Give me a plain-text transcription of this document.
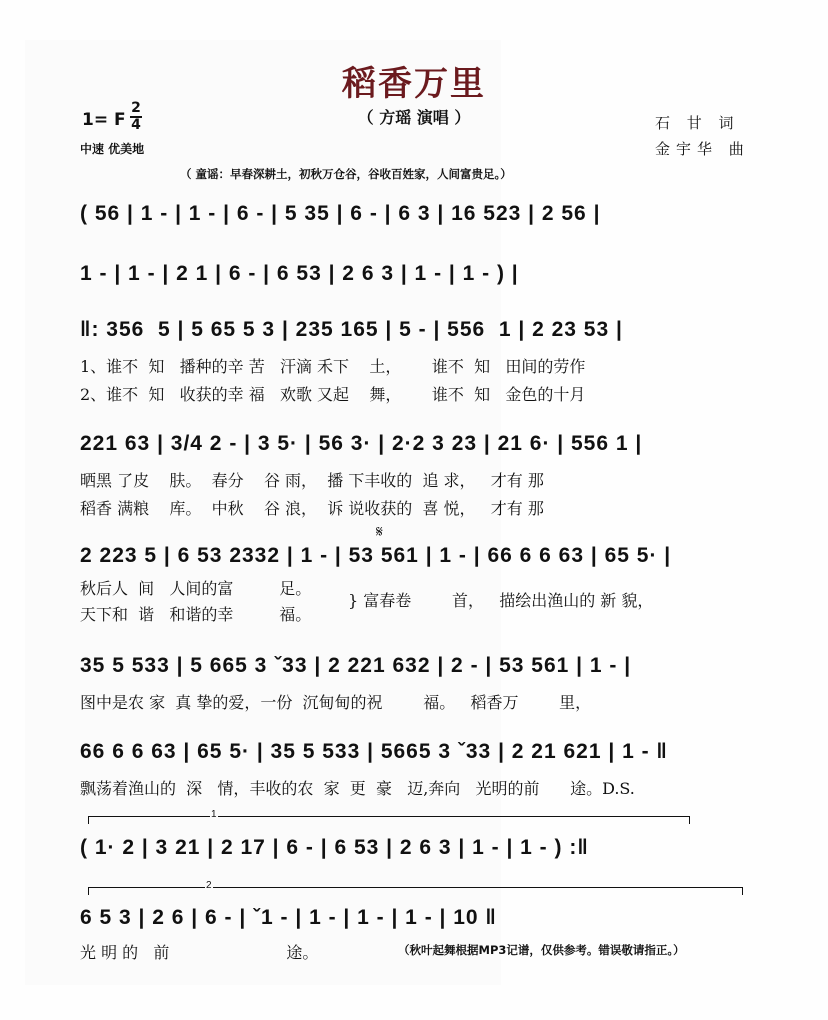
稻香万里
（ 方瑶 演唱 ）
1= F
2
4
中速 优美地
石 甘 词
金宇华 曲
（ 童谣：早春深耕土，初秋万仓谷，谷收百姓家，人间富贵足。）
( 56 | 1 - | 1 - | 6 - | 5 35 | 6 - | 6 3 | 16 523 | 2 56 |
1 - | 1 - | 2 1 | 6 - | 6 53 | 2 6 3 | 1 - | 1 - ) |
‖: 356  5 | 5 65 5 3 | 235 165 | 5 - | 556  1 | 2 23 53 |
1、谁不  知   播种的辛 苦   汗滴 禾下    土，      谁不  知   田间的劳作
2、谁不  知   收获的幸 福   欢歌 又起    舞，      谁不  知   金色的十月
221 63 | 3/4 2 - | 3 5· | 56 3· | 2·2 3 23 | 21 6· | 556 1 |
晒黑 了皮    肤。  春分    谷 雨，  播 下丰收的  追 求，   才有 那
稻香 满粮    库。  中秋    谷 浪，  诉 说收获的  喜 悦，   才有 那
2 223 5 | 6 53 2332 | 1 - | 53 561 | 1 - | 66 6 6 63 | 65 5· |
𝄋
秋后人  间   人间的富         足。
天下和  谐   和谐的幸         福。
} 富春卷        首，   描绘出渔山的 新 貌，
35 5 533 | 5 665 3 ˇ33 | 2 221 632 | 2 - | 53 561 | 1 - |
图中是农 家  真 挚的爱，一份  沉甸甸的祝        福。   稻香万        里，
66 6 6 63 | 65 5· | 35 5 533 | 5665 3 ˇ33 | 2 21 621 | 1 - ‖
飘荡着渔山的  深   情，丰收的农  家  更  豪   迈,奔向   光明的前      途。D.S.
1
( 1· 2 | 3 21 | 2 17 | 6 - | 6 53 | 2 6 3 | 1 - | 1 - ) :‖
2
6 5 3 | 2 6 | 6 - | ˇ1 - | 1 - | 1 - | 1 - | 10 ‖
光 明 的   前                       途。	（秋叶起舞根据MP3记谱，仅供参考。错误敬请指正。）
